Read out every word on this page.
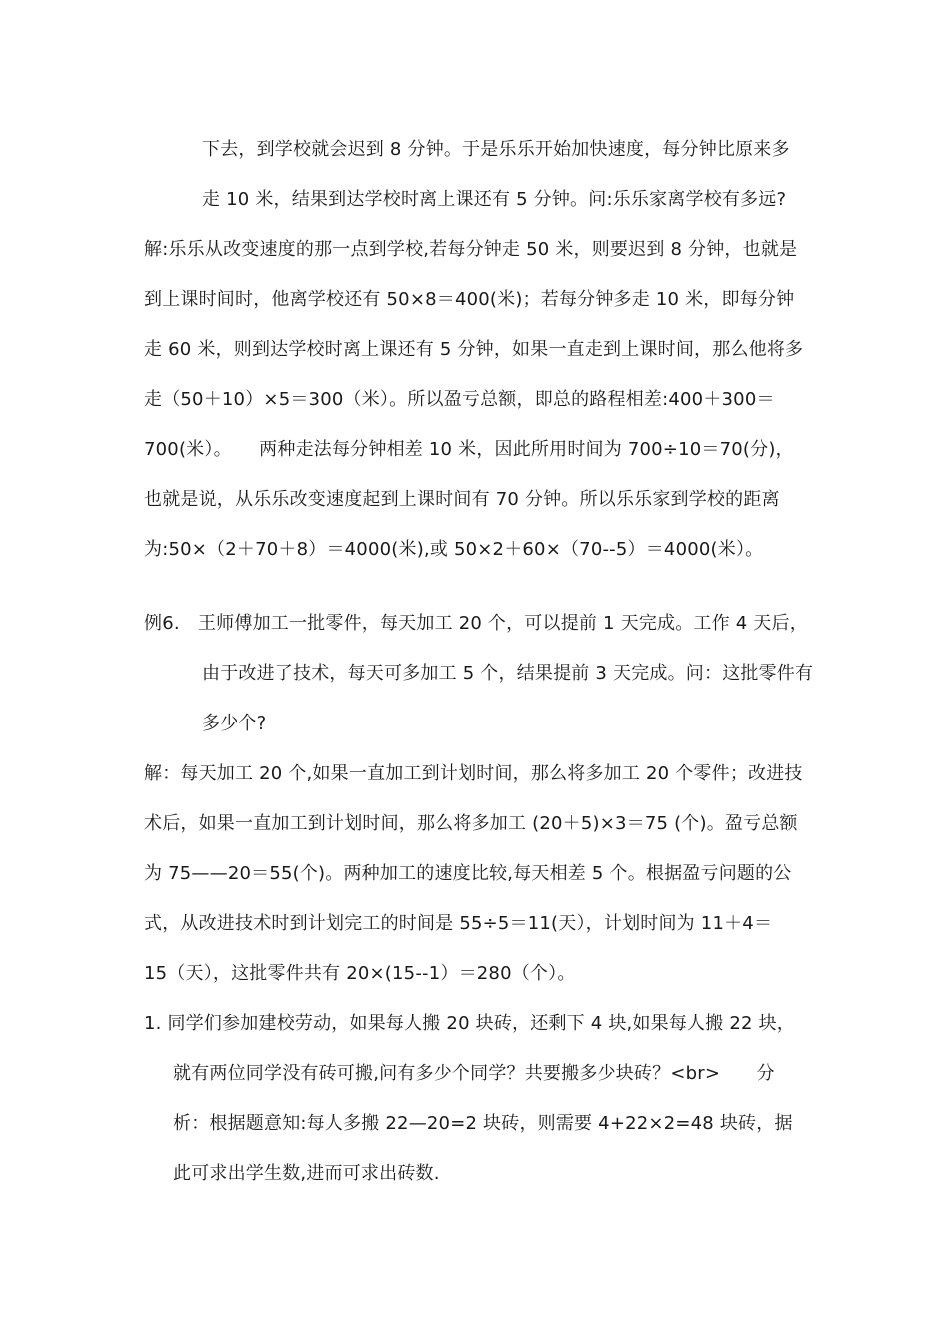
下去，到学校就会迟到 8 分钟。于是乐乐开始加快速度，每分钟比原来多
走 10 米，结果到达学校时离上课还有 5 分钟。问:乐乐家离学校有多远?
解:乐乐从改变速度的那一点到学校,若每分钟走 50 米，则要迟到 8 分钟，也就是
到上课时间时，他离学校还有 50×8＝400(米)；若每分钟多走 10 米，即每分钟
走 60 米，则到达学校时离上课还有 5 分钟，如果一直走到上课时间，那么他将多
走（50＋10）×5＝300（米）。所以盈亏总额，即总的路程相差:400＋300＝
700(米）。　　两种走法每分钟相差 10 米，因此所用时间为 700÷10＝70(分)，
也就是说，从乐乐改变速度起到上课时间有 70 分钟。所以乐乐家到学校的距离
为:50×（2＋70＋8）＝4000(米),或 50×2＋60×（70--5）＝4000(米）。
例6.　王师傅加工一批零件，每天加工 20 个，可以提前 1 天完成。工作 4 天后，
由于改进了技术，每天可多加工 5 个，结果提前 3 天完成。问：这批零件有
多少个?
解：每天加工 20 个,如果一直加工到计划时间，那么将多加工 20 个零件；改进技
术后，如果一直加工到计划时间，那么将多加工 (20＋5)×3＝75 (个)。盈亏总额
为 75——20＝55(个)。两种加工的速度比较,每天相差 5 个。根据盈亏问题的公
式，从改进技术时到计划完工的时间是 55÷5＝11(天），计划时间为 11＋4＝
15（天），这批零件共有 20×(15--1）＝280（个）。
1. 同学们参加建校劳动，如果每人搬 20 块砖，还剩下 4 块,如果每人搬 22 块，
就有两位同学没有砖可搬,问有多少个同学？共要搬多少块砖？<br>　　分
析：根据题意知:每人多搬 22—20=2 块砖，则需要 4+22×2=48 块砖，据
此可求出学生数,进而可求出砖数.
